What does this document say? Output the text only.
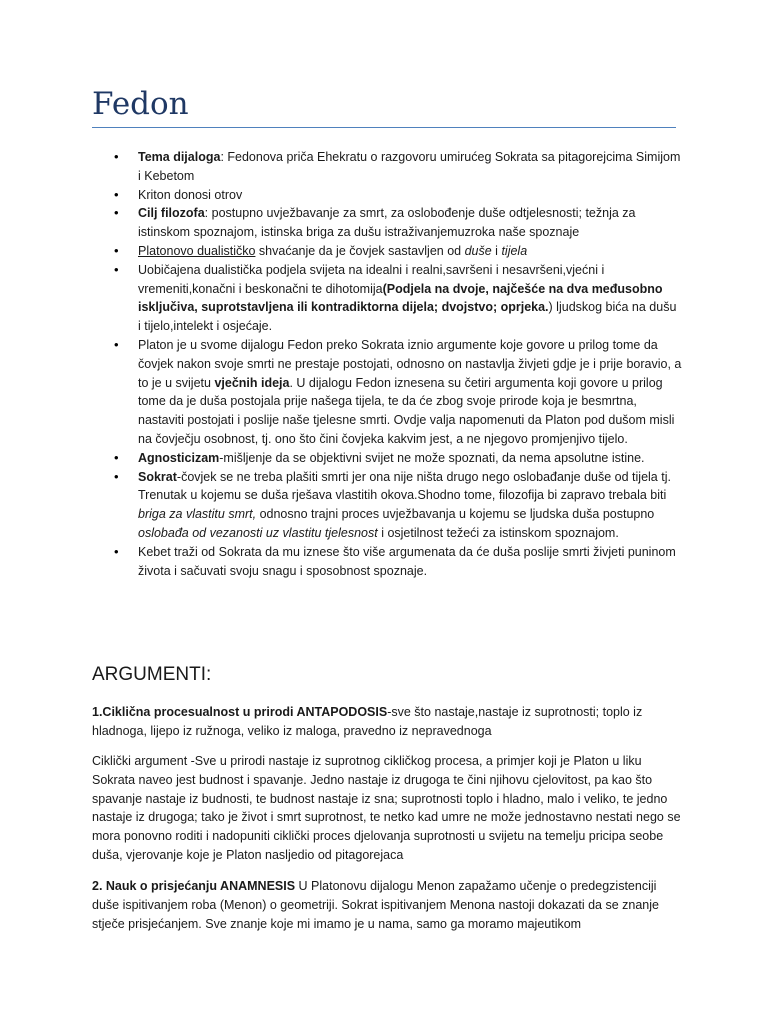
Fedon
• Tema dijaloga: Fedonova priča Ehekratu o razgovoru umirućeg Sokrata sa pitagorejcima Simijom i Kebetom
• Kriton donosi otrov
• Cilj filozofa: postupno uvježbavanje za smrt, za oslobođenje duše odtjelesnosti; težnja za istinskom spoznajom, istinska briga za dušu istraživanjemuzroka naše spoznaje
• Platonovo dualističko shvaćanje da je čovjek sastavljen od duše i tijela
• Uobičajena dualistička podjela svijeta na idealni i realni,savršeni i nesavršeni,vjećni i vremeniti,konačni i beskonačni te dihotomija(Podjela na dvoje, najčešće na dva međusobno isključiva, suprotstavljena ili kontradiktorna dijela; dvojstvo; oprjeka.) ljudskog bića na dušu i tijelo,intelekt i osjećaje.
• Platon je u svome dijalogu Fedon preko Sokrata iznio argumente koje govore u prilog tome da čovjek nakon svoje smrti ne prestaje postojati, odnosno on nastavlja živjeti gdje je i prije boravio, a to je u svijetu vječnih ideja. U dijalogu Fedon iznesena su četiri argumenta koji govore u prilog tome da je duša postojala prije našega tijela, te da će zbog svoje prirode koja je besmrtna, nastaviti postojati i poslije naše tjelesne smrti. Ovdje valja napomenuti da Platon pod dušom misli na čovječju osobnost, tj. ono što čini čovjeka kakvim jest, a ne njegovo promjenjivo tijelo.
• Agnosticizam-mišljenje da se objektivni svijet ne može spoznati, da nema apsolutne istine.
• Sokrat-čovjek se ne treba plašiti smrti jer ona nije ništa drugo nego oslobađanje duše od tijela tj. Trenutak u kojemu se duša rješava vlastitih okova.Shodno tome, filozofija bi zapravo trebala biti briga za vlastitu smrt, odnosno trajni proces uvježbavanja u kojemu se ljudska duša postupno oslobađa od vezanosti uz vlastitu tjelesnost i osjetilnost težeći za istinskom spoznajom.
• Kebet traži od Sokrata da mu iznese što više argumenata da će duša poslije smrti živjeti puninom života i sačuvati svoju snagu i sposobnost spoznaje.
ARGUMENTI:

1.Ciklična procesualnost u prirodi ANTAPODOSIS-sve što nastaje,nastaje iz suprotnosti; toplo iz hladnoga, lijepo iz ružnoga, veliko iz maloga, pravedno iz nepravednoga

Ciklički argument -Sve u prirodi nastaje iz suprotnog cikličkog procesa, a primjer koji je Platon u liku Sokrata naveo jest budnost i spavanje. Jedno nastaje iz drugoga te čini njihovu cjelovitost, pa kao što spavanje nastaje iz budnosti, te budnost nastaje iz sna; suprotnosti toplo i hladno, malo i veliko, te jedno nastaje iz drugoga; tako je život i smrt suprotnost, te netko kad umre ne može jednostavno nestati nego se mora ponovno roditi i nadopuniti ciklički proces djelovanja suprotnosti u svijetu na temelju pricipa seobe duša, vjerovanje koje je Platon nasljedio od pitagorejaca

2. Nauk o prisjećanju ANAMNESIS U Platonovu dijalogu Menon zapažamo učenje o predegzistenciji duše ispitivanjem roba (Menon) o geometriji. Sokrat ispitivanjem Menona nastoji dokazati da se znanje stječe prisjećanjem. Sve znanje koje mi imamo je u nama, samo ga moramo majeutikom
